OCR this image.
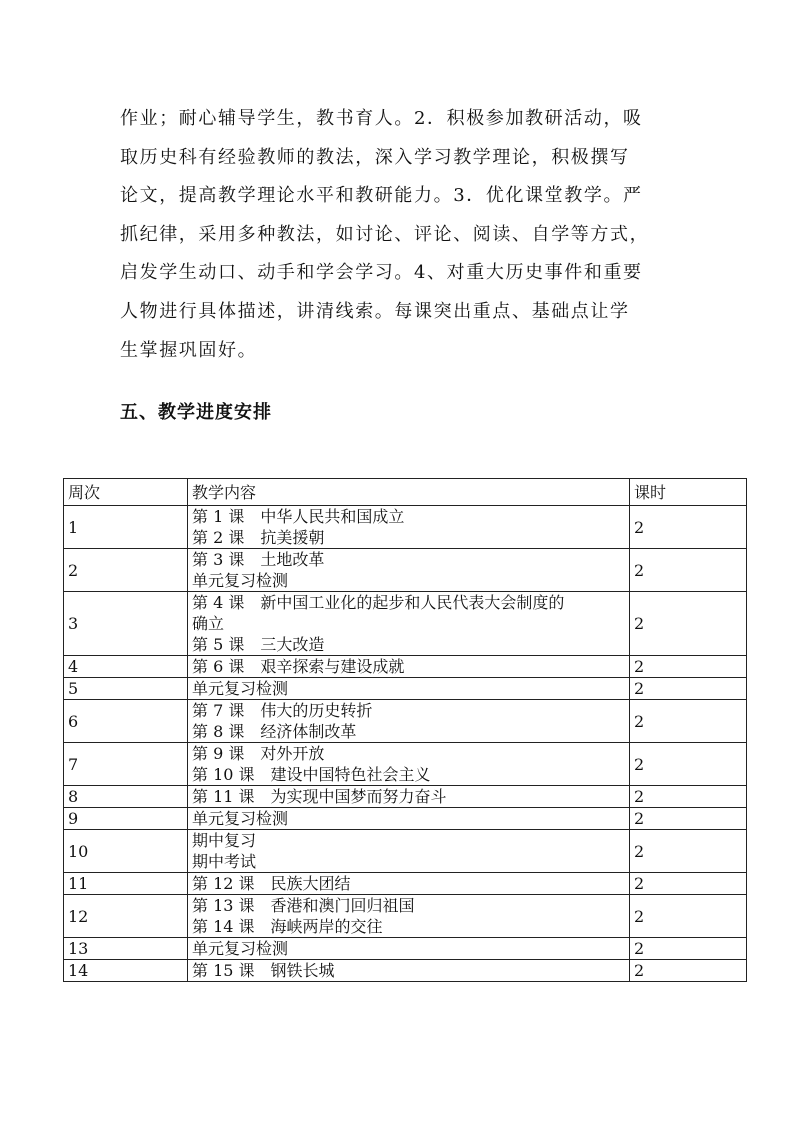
作业；耐心辅导学生，教书育人。2．积极参加教研活动，吸
取历史科有经验教师的教法，深入学习教学理论，积极撰写
论文，提高教学理论水平和教研能力。3．优化课堂教学。严
抓纪律，采用多种教法，如讨论、评论、阅读、自学等方式，
启发学生动口、动手和学会学习。4、对重大历史事件和重要
人物进行具体描述，讲清线索。每课突出重点、基础点让学
生掌握巩固好。
五、教学进度安排
周次	教学内容	课时
1	第 1 课　中华人民共和国成立
第 2 课　抗美援朝	2
2	第 3 课　土地改革
单元复习检测	2
3	第 4 课　新中国工业化的起步和人民代表大会制度的
确立
第 5 课　三大改造	2
4	第 6 课　艰辛探索与建设成就	2
5	单元复习检测	2
6	第 7 课　伟大的历史转折
第 8 课　经济体制改革	2
7	第 9 课　对外开放
第 10 课　建设中国特色社会主义	2
8	第 11 课　为实现中国梦而努力奋斗	2
9	单元复习检测	2
10	期中复习
期中考试	2
11	第 12 课　民族大团结	2
12	第 13 课　香港和澳门回归祖国
第 14 课　海峡两岸的交往	2
13	单元复习检测	2
14	第 15 课　钢铁长城	2
